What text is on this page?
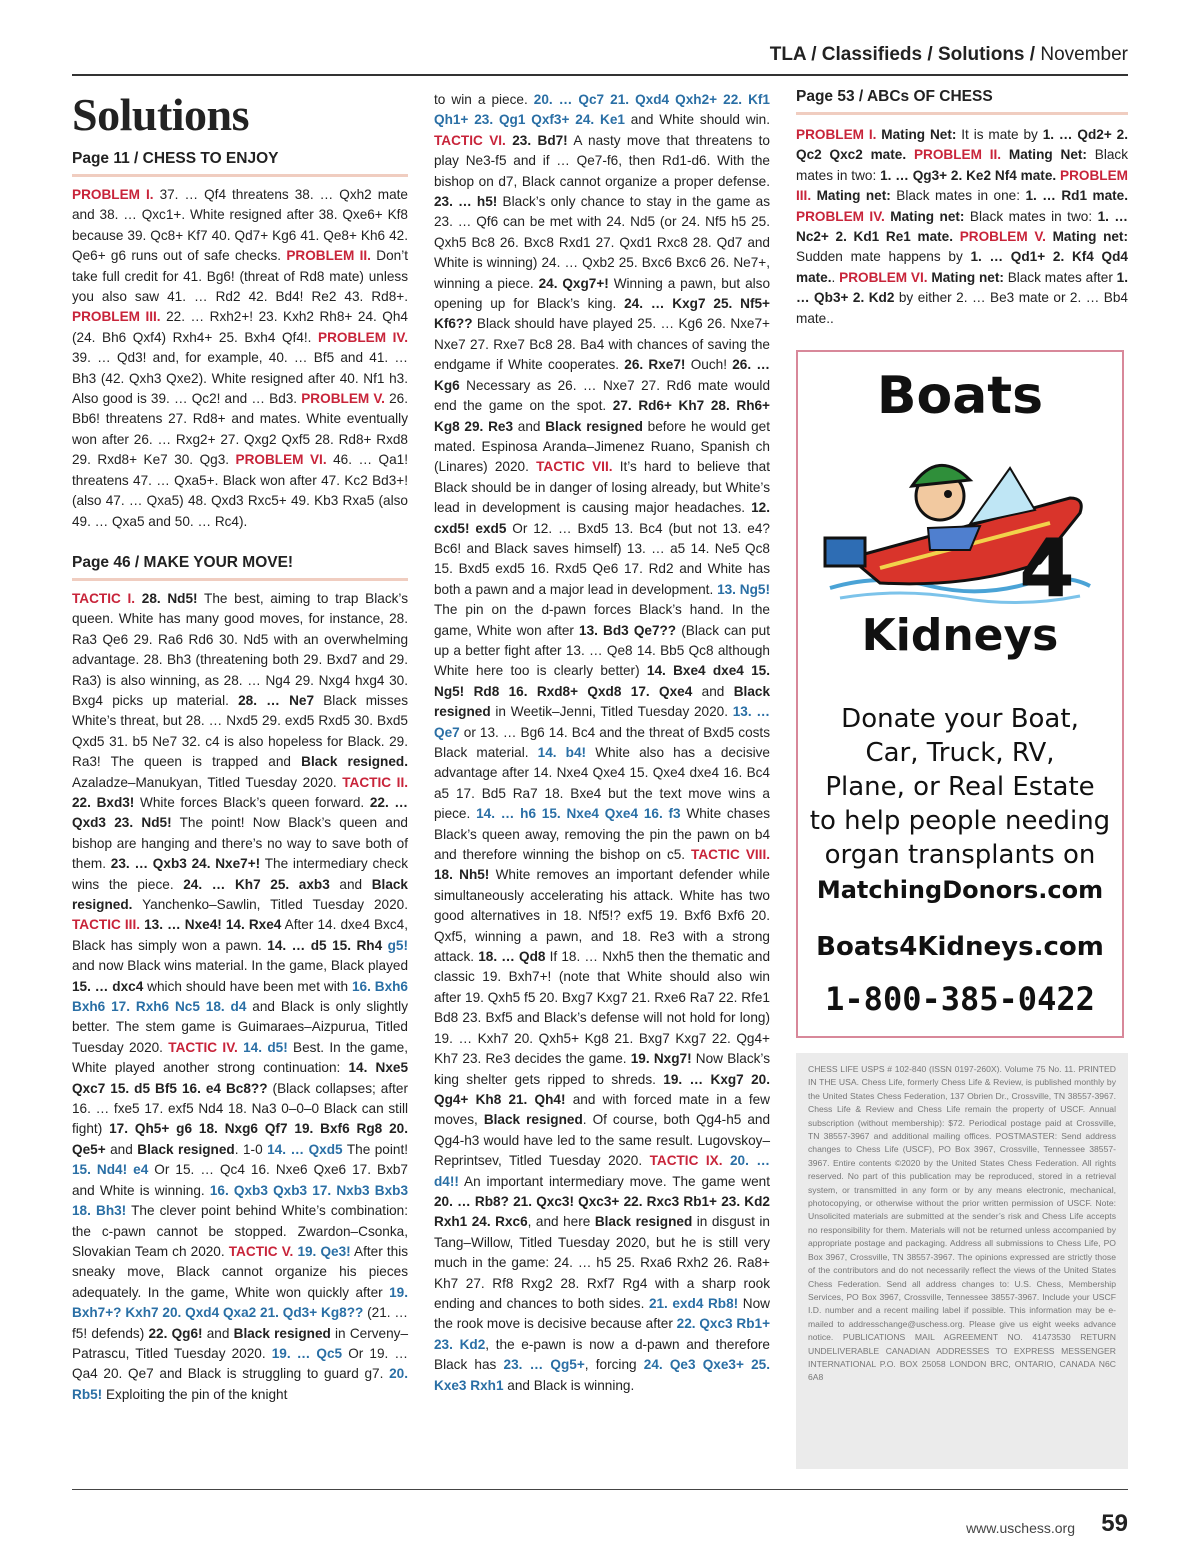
TLA / Classifieds / Solutions / November
Solutions
Page 11 / CHESS TO ENJOY

PROBLEM I. 37. … Qf4 threatens 38. … Qxh2 mate and 38. … Qxc1+. White resigned after 38. Qxe6+ Kf8 because 39. Qc8+ Kf7 40. Qd7+ Kg6 41. Qe8+ Kh6 42. Qe6+ g6 runs out of safe checks. PROBLEM II. Don’t take full credit for 41. Bg6! (threat of Rd8 mate) unless you also saw 41. … Rd2 42. Bd4! Re2 43. Rd8+. PROBLEM III. 22. … Rxh2+! 23. Kxh2 Rh8+ 24. Qh4 (24. Bh6 Qxf4) Rxh4+ 25. Bxh4 Qf4!. PROBLEM IV. 39. … Qd3! and, for example, 40. … Bf5 and 41. … Bh3 (42. Qxh3 Qxe2). White resigned after 40. Nf1 h3. Also good is 39. … Qc2! and … Bd3. PROBLEM V. 26. Bb6! threatens 27. Rd8+ and mates. White eventually won after 26. … Rxg2+ 27. Qxg2 Qxf5 28. Rd8+ Rxd8 29. Rxd8+ Ke7 30. Qg3. PROBLEM VI. 46. … Qa1! threatens 47. … Qxa5+. Black won after 47. Kc2 Bd3+! (also 47. … Qxa5) 48. Qxd3 Rxc5+ 49. Kb3 Rxa5 (also 49. … Qxa5 and 50. … Rc4).

Page 46 / MAKE YOUR MOVE!

TACTIC I. 28. Nd5! The best, aiming to trap Black’s queen. White has many good moves, for instance, 28. Ra3 Qe6 29. Ra6 Rd6 30. Nd5 with an overwhelming advantage. 28. Bh3 (threatening both 29. Bxd7 and 29. Ra3) is also winning, as 28. … Ng4 29. Nxg4 hxg4 30. Bxg4 picks up material. 28. … Ne7 Black misses White’s threat, but 28. … Nxd5 29. exd5 Rxd5 30. Bxd5 Qxd5 31. b5 Ne7 32. c4 is also hopeless for Black. 29. Ra3! The queen is trapped and Black resigned. Azaladze–Manukyan, Titled Tuesday 2020. TACTIC II. 22. Bxd3! White forces Black’s queen forward. 22. … Qxd3 23. Nd5! The point! Now Black’s queen and bishop are hanging and there’s no way to save both of them. 23. … Qxb3 24. Nxe7+! The intermediary check wins the piece. 24. … Kh7 25. axb3 and Black resigned. Yanchenko–Sawlin, Titled Tuesday 2020. TACTIC III. 13. … Nxe4! 14. Rxe4 After 14. dxe4 Bxc4, Black has simply won a pawn. 14. … d5 15. Rh4 g5! and now Black wins material. In the game, Black played 15. … dxc4 which should have been met with 16. Bxh6 Bxh6 17. Rxh6 Nc5 18. d4 and Black is only slightly better. The stem game is Guimaraes–Aizpurua, Titled Tuesday 2020. TACTIC IV. 14. d5! Best. In the game, White played another strong continuation: 14. Nxe5 Qxc7 15. d5 Bf5 16. e4 Bc8?? (Black collapses; after 16. … fxe5 17. exf5 Nd4 18. Na3 0–0–0 Black can still fight) 17. Qh5+ g6 18. Nxg6 Qf7 19. Bxf6 Rg8 20. Qe5+ and Black resigned. 1-0 14. … Qxd5 The point! 15. Nd4! e4 Or 15. … Qc4 16. Nxe6 Qxe6 17. Bxb7 and White is winning. 16. Qxb3 Qxb3 17. Nxb3 Bxb3 18. Bh3! The clever point behind White’s combination: the c-pawn cannot be stopped. Zwardon–Csonka, Slovakian Team ch 2020. TACTIC V. 19. Qe3! After this sneaky move, Black cannot organize his pieces adequately. In the game, White won quickly after 19. Bxh7+? Kxh7 20. Qxd4 Qxa2 21. Qd3+ Kg8?? (21. … f5! defends) 22. Qg6! and Black resigned in Cerveny–Patrascu, Titled Tuesday 2020. 19. … Qc5 Or 19. … Qa4 20. Qe7 and Black is struggling to guard g7. 20. Rb5! Exploiting the pin of the knight

to win a piece. 20. … Qc7 21. Qxd4 Qxh2+ 22. Kf1 Qh1+ 23. Qg1 Qxf3+ 24. Ke1 and White should win. TACTIC VI. 23. Bd7! A nasty move that threatens to play Ne3-f5 and if … Qe7-f6, then Rd1-d6. With the bishop on d7, Black cannot organize a proper defense. 23. … h5! Black’s only chance to stay in the game as 23. … Qf6 can be met with 24. Nd5 (or 24. Nf5 h5 25. Qxh5 Bc8 26. Bxc8 Rxd1 27. Qxd1 Rxc8 28. Qd7 and White is winning) 24. … Qxb2 25. Bxc6 Bxc6 26. Ne7+, winning a piece. 24. Qxg7+! Winning a pawn, but also opening up for Black’s king. 24. … Kxg7 25. Nf5+ Kf6?? Black should have played 25. … Kg6 26. Nxe7+ Nxe7 27. Rxe7 Bc8 28. Ba4 with chances of saving the endgame if White cooperates. 26. Rxe7! Ouch! 26. … Kg6 Necessary as 26. … Nxe7 27. Rd6 mate would end the game on the spot. 27. Rd6+ Kh7 28. Rh6+ Kg8 29. Re3 and Black resigned before he would get mated. Espinosa Aranda–Jimenez Ruano, Spanish ch (Linares) 2020. TACTIC VII. It’s hard to believe that Black should be in danger of losing already, but White’s lead in development is causing major headaches. 12. cxd5! exd5 Or 12. … Bxd5 13. Bc4 (but not 13. e4? Bc6! and Black saves himself) 13. … a5 14. Ne5 Qc8 15. Bxd5 exd5 16. Rxd5 Qe6 17. Rd2 and White has both a pawn and a major lead in development. 13. Ng5! The pin on the d-pawn forces Black’s hand. In the game, White won after 13. Bd3 Qe7?? (Black can put up a better fight after 13. … Qe8 14. Bb5 Qc8 although White here too is clearly better) 14. Bxe4 dxe4 15. Ng5! Rd8 16. Rxd8+ Qxd8 17. Qxe4 and Black resigned in Weetik–Jenni, Titled Tuesday 2020. 13. … Qe7 or 13. … Bg6 14. Bc4 and the threat of Bxd5 costs Black material. 14. b4! White also has a decisive advantage after 14. Nxe4 Qxe4 15. Qxe4 dxe4 16. Bc4 a5 17. Bd5 Ra7 18. Bxe4 but the text move wins a piece. 14. … h6 15. Nxe4 Qxe4 16. f3 White chases Black’s queen away, removing the pin the pawn on b4 and therefore winning the bishop on c5. TACTIC VIII. 18. Nh5! White removes an important defender while simultaneously accelerating his attack. White has two good alternatives in 18. Nf5!? exf5 19. Bxf6 Bxf6 20. Qxf5, winning a pawn, and 18. Re3 with a strong attack. 18. … Qd8 If 18. … Nxh5 then the thematic and classic 19. Bxh7+! (note that White should also win after 19. Qxh5 f5 20. Bxg7 Kxg7 21. Rxe6 Ra7 22. Rfe1 Bd8 23. Bxf5 and Black’s defense will not hold for long) 19. … Kxh7 20. Qxh5+ Kg8 21. Bxg7 Kxg7 22. Qg4+ Kh7 23. Re3 decides the game. 19. Nxg7! Now Black’s king shelter gets ripped to shreds. 19. … Kxg7 20. Qg4+ Kh8 21. Qh4! and with forced mate in a few moves, Black resigned. Of course, both Qg4-h5 and Qg4-h3 would have led to the same result. Lugovskoy–Reprintsev, Titled Tuesday 2020. TACTIC IX. 20. … d4!! An important intermediary move. The game went 20. … Rb8? 21. Qxc3! Qxc3+ 22. Rxc3 Rb1+ 23. Kd2 Rxh1 24. Rxc6, and here Black resigned in disgust in Tang–Willow, Titled Tuesday 2020, but he is still very much in the game: 24. … h5 25. Rxa6 Rxh2 26. Ra8+ Kh7 27. Rf8 Rxg2 28. Rxf7 Rg4 with a sharp rook ending and chances to both sides. 21. exd4 Rb8! Now the rook move is decisive because after 22. Qxc3 Rb1+ 23. Kd2, the e-pawn is now a d-pawn and therefore Black has 23. … Qg5+, forcing 24. Qe3 Qxe3+ 25. Kxe3 Rxh1 and Black is winning.

Page 53 / ABCs OF CHESS

PROBLEM I. Mating Net: It is mate by 1. … Qd2+ 2. Qc2 Qxc2 mate. PROBLEM II. Mating Net: Black mates in two: 1. … Qg3+ 2. Ke2 Nf4 mate. PROBLEM III. Mating net: Black mates in one: 1. … Rd1 mate. PROBLEM IV. Mating net: Black mates in two: 1. … Nc2+ 2. Kd1 Re1 mate. PROBLEM V. Mating net: Sudden mate happens by 1. … Qd1+ 2. Kf4 Qd4 mate.. PROBLEM VI. Mating net: Black mates after 1. … Qb3+ 2. Kd2 by either 2. … Be3 mate or 2. … Bb4 mate..

Boats
4
Kidneys
Donate your Boat,
Car, Truck, RV,
Plane, or Real Estate
to help people needing
organ transplants on
MatchingDonors.com
Boats4Kidneys.com
1-800-385-0422

CHESS LIFE USPS # 102-840 (ISSN 0197-260X). Volume 75 No. 11. PRINTED IN THE USA. Chess Life, formerly Chess Life & Review, is published monthly by the United States Chess Federation, 137 Obrien Dr., Crossville, TN 38557-3967. Chess Life & Review and Chess Life remain the property of USCF. Annual subscription (without membership): $72. Periodical postage paid at Crossville, TN 38557-3967 and additional mailing offices. POSTMASTER: Send address changes to Chess Life (USCF), PO Box 3967, Crossville, Tennessee 38557-3967. Entire contents ©2020 by the United States Chess Federation. All rights reserved. No part of this publication may be reproduced, stored in a retrieval system, or transmitted in any form or by any means electronic, mechanical, photocopying, or otherwise without the prior written permission of USCF. Note: Unsolicited materials are submitted at the sender’s risk and Chess Life accepts no responsibility for them. Materials will not be returned unless accompanied by appropriate postage and packaging. Address all submissions to Chess Life, PO Box 3967, Crossville, TN 38557-3967. The opinions expressed are strictly those of the contributors and do not necessarily reflect the views of the United States Chess Federation. Send all address changes to: U.S. Chess, Membership Services, PO Box 3967, Crossville, Tennessee 38557-3967. Include your USCF I.D. number and a recent mailing label if possible. This information may be e-mailed to addresschange@uschess.org. Please give us eight weeks advance notice. PUBLICATIONS MAIL AGREEMENT NO. 41473530 RETURN UNDELIVERABLE CANADIAN ADDRESSES TO EXPRESS MESSENGER INTERNATIONAL P.O. BOX 25058 LONDON BRC, ONTARIO, CANADA N6C 6A8

www.uschess.org 59
